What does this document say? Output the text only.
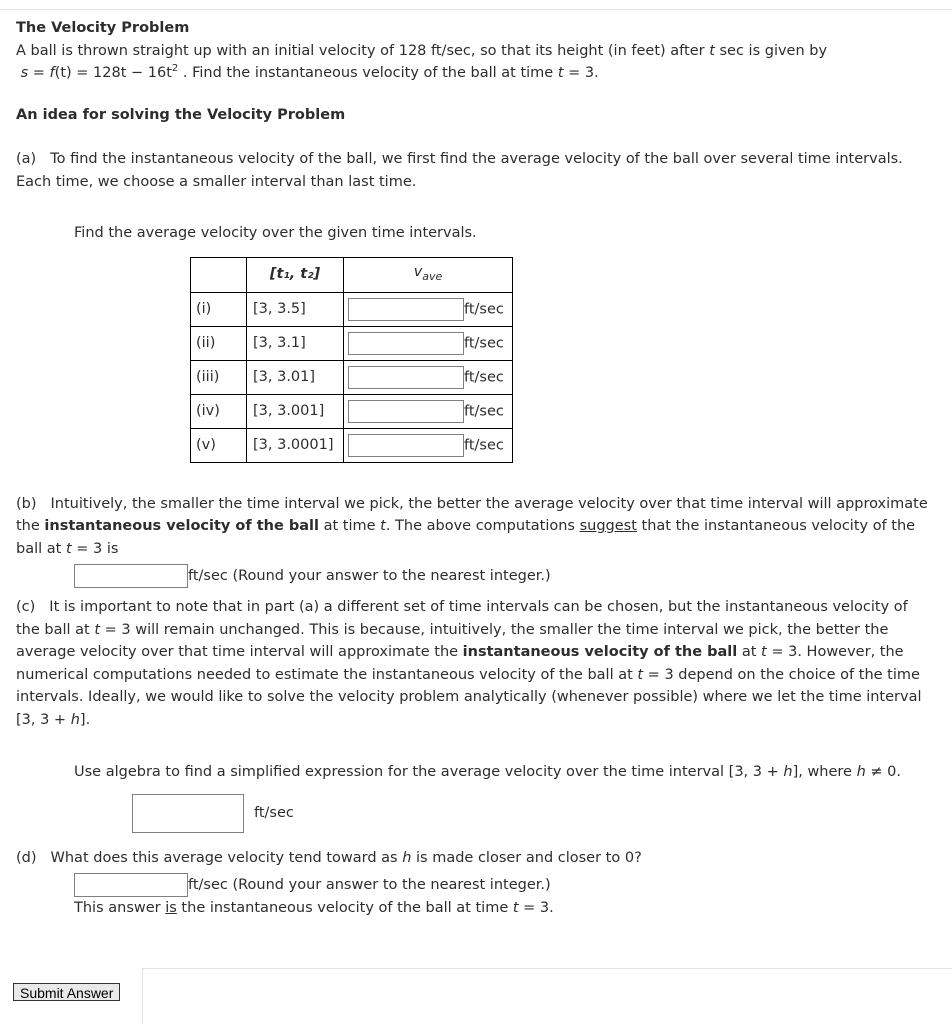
The Velocity Problem

A ball is thrown straight up with an initial velocity of 128 ft/sec, so that its height (in feet) after t sec is given by

$s = f(t) = 128t - 16t^2$ . Find the instantaneous velocity of the ball at time t = 3.

An idea for solving the Velocity Problem

(a) To find the instantaneous velocity of the ball, we first find the average velocity of the ball over several time intervals. Each time, we choose a smaller interval than last time.

Find the average velocity over the given time intervals.

	[t₁, t₂]	$v_{ave}$
(i)	[3, 3.5]	ft/sec
(ii)	[3, 3.1]	ft/sec
(iii)	[3, 3.01]	ft/sec
(iv)	[3, 3.001]	ft/sec
(v)	[3, 3.0001]	ft/sec

(b) Intuitively, the smaller the time interval we pick, the better the average velocity over that time interval will approximate the instantaneous velocity of the ball at time t. The above computations suggest that the instantaneous velocity of the ball at t = 3 is

ft/sec (Round your answer to the nearest integer.)

(c) It is important to note that in part (a) a different set of time intervals can be chosen, but the instantaneous velocity of the ball at t = 3 will remain unchanged. This is because, intuitively, the smaller the time interval we pick, the better the average velocity over that time interval will approximate the instantaneous velocity of the ball at t = 3. However, the numerical computations needed to estimate the instantaneous velocity of the ball at t = 3 depend on the choice of the time intervals. Ideally, we would like to solve the velocity problem analytically (whenever possible) where we let the time interval [3, 3 + h].

Use algebra to find a simplified expression for the average velocity over the time interval [3, 3 + h], where h ≠ 0.

ft/sec

(d) What does this average velocity tend toward as h is made closer and closer to 0?

ft/sec (Round your answer to the nearest integer.)

This answer is the instantaneous velocity of the ball at time t = 3.

Submit Answer
